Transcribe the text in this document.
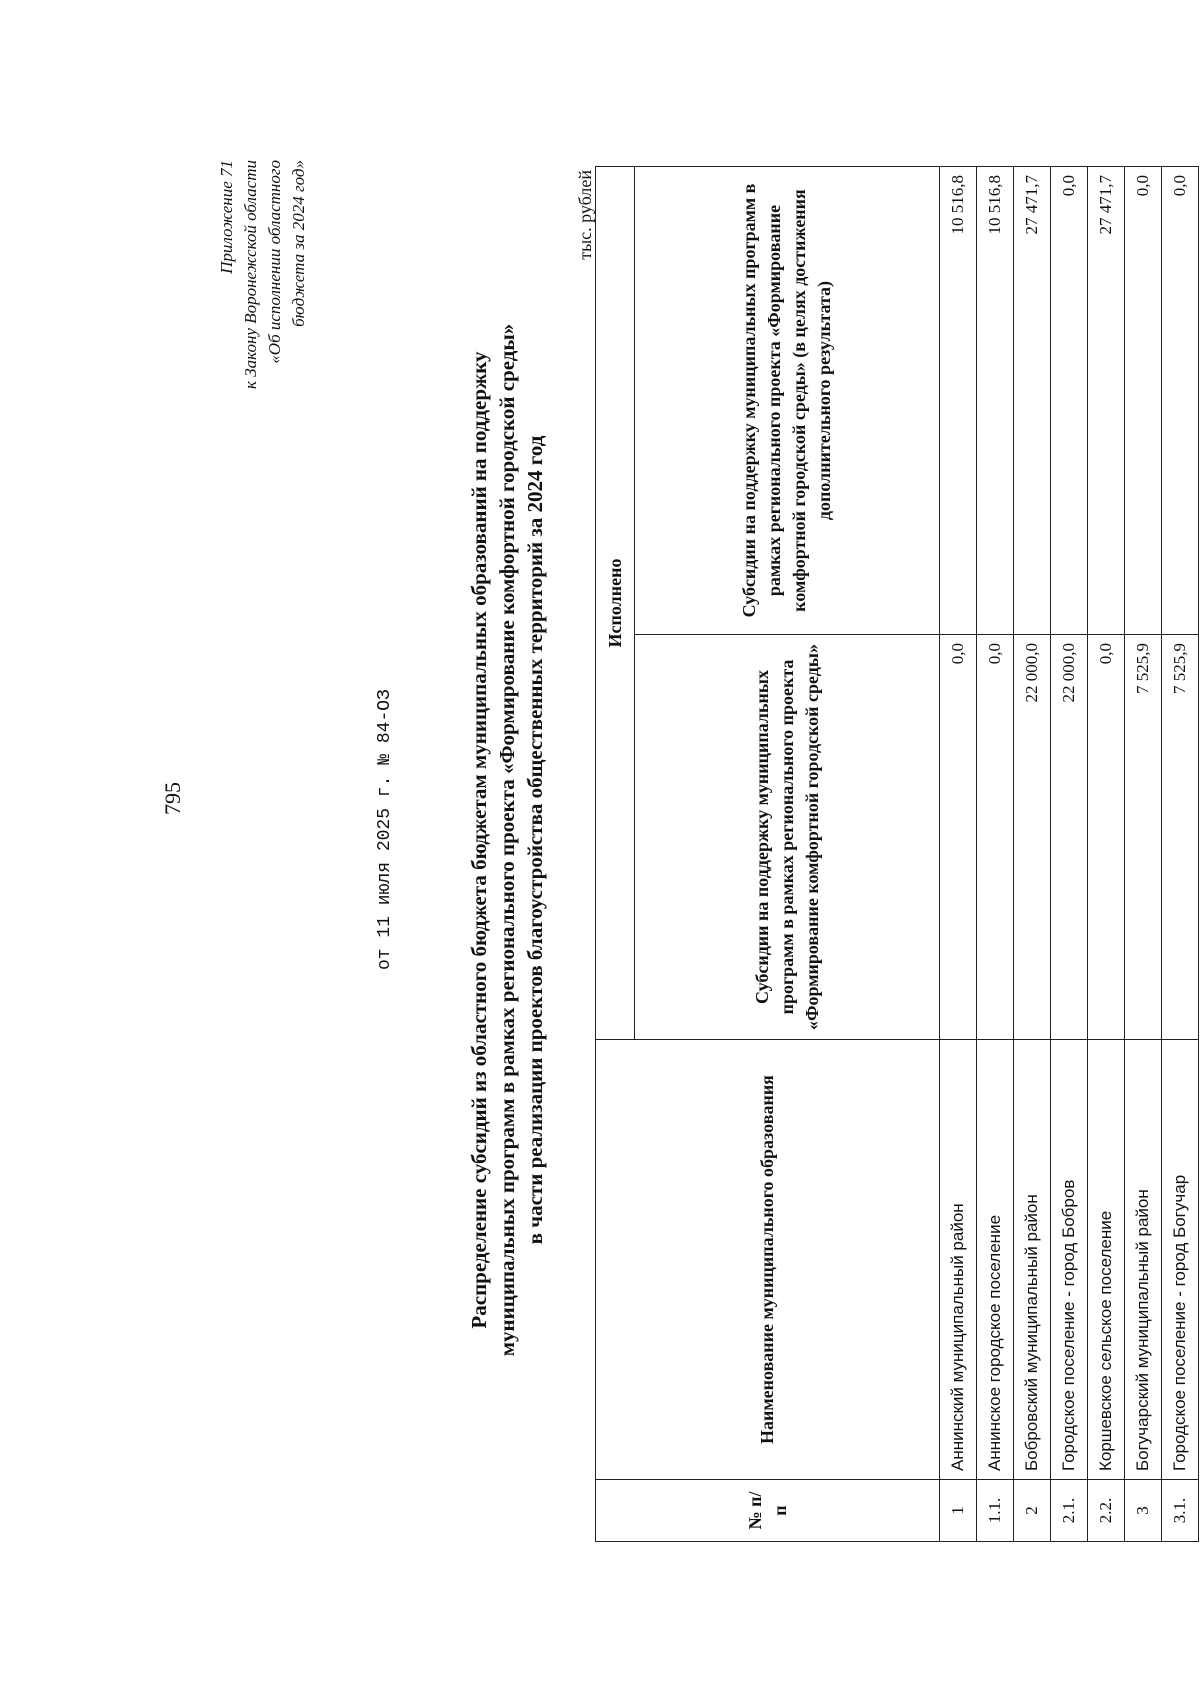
795
Приложение 71 к Закону Воронежской области «Об исполнении областного бюджета за 2024 год»
от 11 июля 2025 г. № 84-ОЗ	Распределение субсидий из областного бюджета бюджетам муниципальных образований на поддержку муниципальных программ в рамках регионального проекта «Формирование комфортной городской среды» в части реализации проектов благоустройства общественных территорий за 2024 год
тыс. рублей
№ п/п	Наименование муниципального образования	Исполнено	
		Субсидии на поддержку муниципальных программ в рамках регионального проекта «Формирование комфортной городской среды»	Субсидии на поддержку муниципальных программ в рамках регионального проекта «Формирование комфортной городской среды» (в целях достижения дополнительного результата)
1	Аннинский муниципальный район	0,0	10 516,8
1.1.	Аннинское городское поселение	0,0	10 516,8
2	Бобровский муниципальный район	22 000,0	27 471,7
2.1.	Городское поселение - город Бобров	22 000,0	0,0
2.2.	Коршевское сельское поселение	0,0	27 471,7
3	Богучарский муниципальный район	7 525,9	0,0
3.1.	Городское поселение - город Богучар	7 525,9	0,0
